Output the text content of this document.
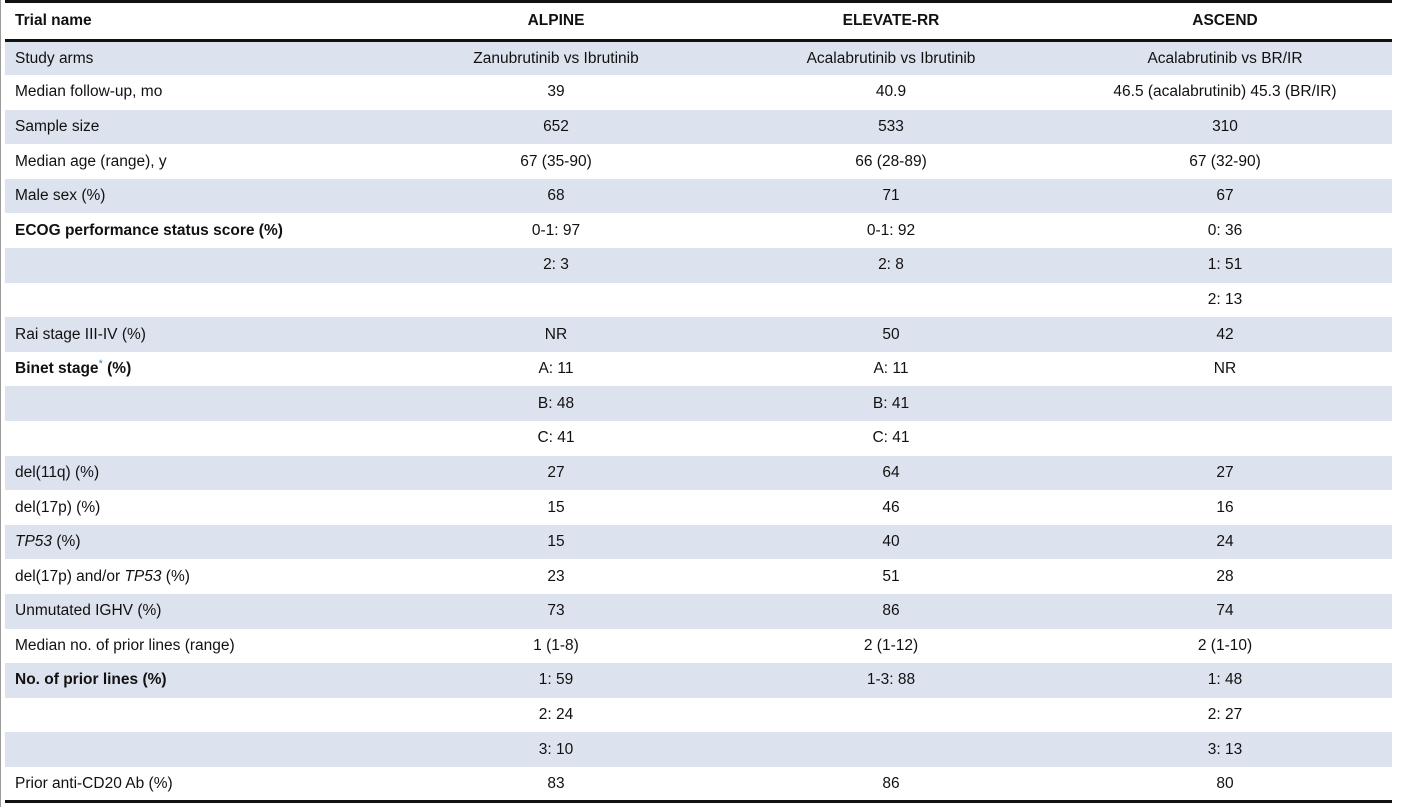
Trial name	ALPINE	ELEVATE-RR	ASCEND
Study arms	Zanubrutinib vs Ibrutinib	Acalabrutinib vs Ibrutinib	Acalabrutinib vs BR/IR
Median follow-up, mo	39	40.9	46.5 (acalabrutinib) 45.3 (BR/IR)
Sample size	652	533	310
Median age (range), y	67 (35-90)	66 (28-89)	67 (32-90)
Male sex (%)	68	71	67
ECOG performance status score (%)	0-1: 97	0-1: 92	0: 36
	2: 3	2: 8	1: 51
			2: 13
Rai stage III-IV (%)	NR	50	42
Binet stage* (%)	A: 11	A: 11	NR
	B: 48	B: 41	
	C: 41	C: 41	
del(11q) (%)	27	64	27
del(17p) (%)	15	46	16
TP53 (%)	15	40	24
del(17p) and/or TP53 (%)	23	51	28
Unmutated IGHV (%)	73	86	74
Median no. of prior lines (range)	1 (1-8)	2 (1-12)	2 (1-10)
No. of prior lines (%)	1: 59	1-3: 88	1: 48
	2: 24		2: 27
	3: 10		3: 13
Prior anti-CD20 Ab (%)	83	86	80
